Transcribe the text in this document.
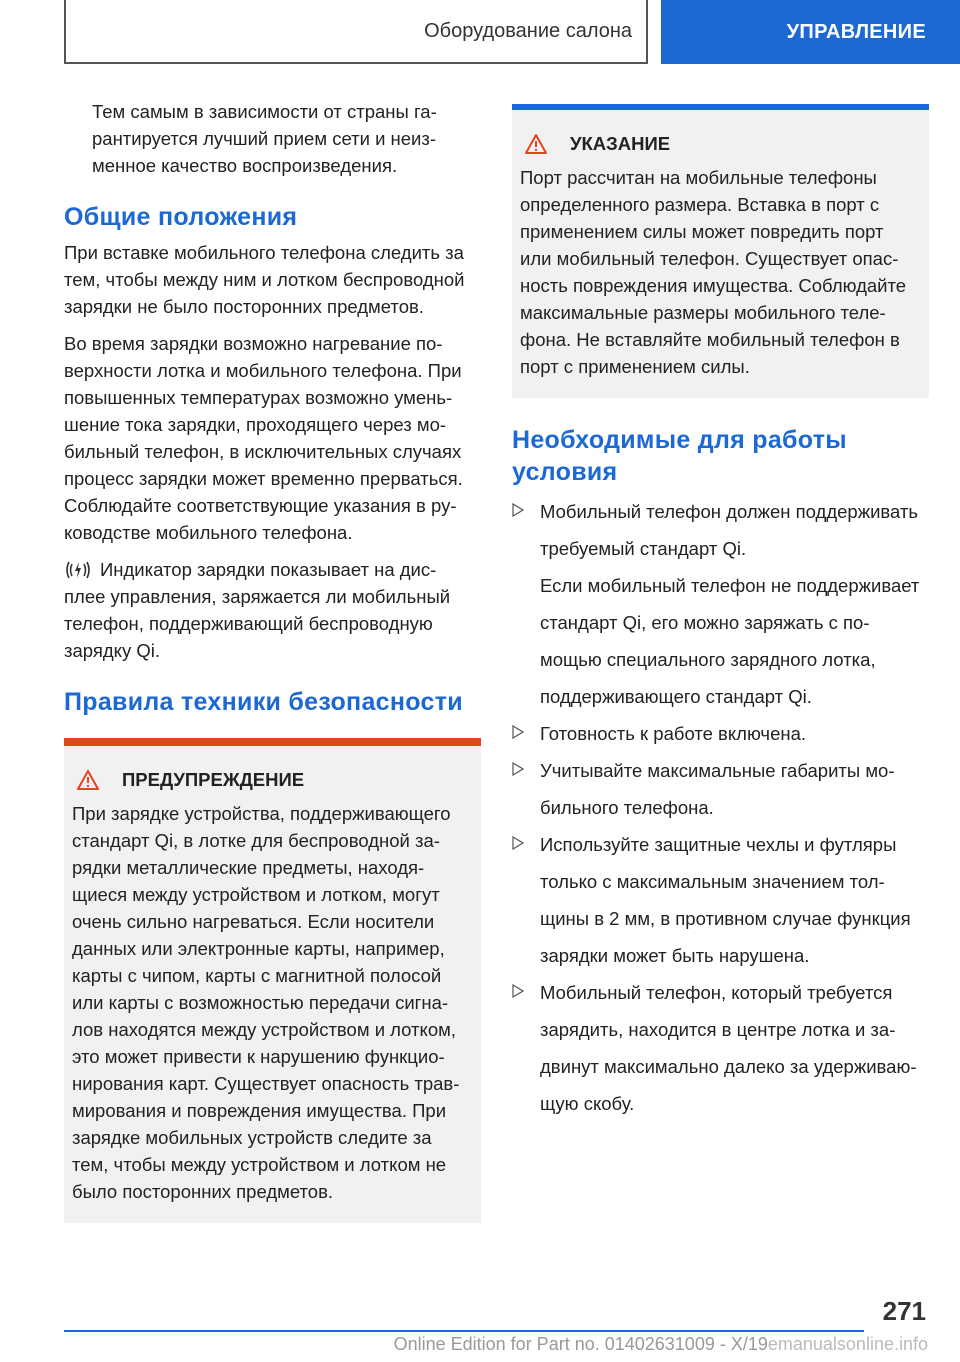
Оборудование салона	УПРАВЛЕНИЕ

Тем самым в зависимости от страны га-

рантируется лучший прием сети и неиз-

менное качество воспроизведения.

Общие положения

При вставке мобильного телефона следить за

тем, чтобы между ним и лотком беспроводной

зарядки не было посторонних предметов.

Во время зарядки возможно нагревание по-

верхности лотка и мобильного телефона. При

повышенных температурах возможно умень-

шение тока зарядки, проходящего через мо-

бильный телефон, в исключительных случаях

процесс зарядки может временно прерваться.

Соблюдайте соответствующие указания в ру-

ководстве мобильного телефона.

Индикатор зарядки показывает на дис-

плее управления, заряжается ли мобильный

телефон, поддерживающий беспроводную

зарядку Qi.

Правила техники безопасности
ПРЕДУПРЕЖДЕНИЕ

При зарядке устройства, поддерживающего

стандарт Qi, в лотке для беспроводной за-

рядки металлические предметы, находя-

щиеся между устройством и лотком, могут

очень сильно нагреваться. Если носители

данных или электронные карты, например,

карты с чипом, карты с магнитной полосой

или карты с возможностью передачи сигна-

лов находятся между устройством и лотком,

это может привести к нарушению функцио-

нирования карт. Существует опасность трав-

мирования и повреждения имущества. При

зарядке мобильных устройств следите за

тем, чтобы между устройством и лотком не

было посторонних предметов.

УКАЗАНИЕ

Порт рассчитан на мобильные телефоны

определенного размера. Вставка в порт с

применением силы может повредить порт

или мобильный телефон. Существует опас-

ность повреждения имущества. Соблюдайте

максимальные размеры мобильного теле-

фона. Не вставляйте мобильный телефон в

порт с применением силы.

Необходимые для работы
условия

Мобильный телефон должен поддерживать

требуемый стандарт Qi.

Если мобильный телефон не поддерживает

стандарт Qi, его можно заряжать с по-

мощью специального зарядного лотка,

поддерживающего стандарт Qi.

Готовность к работе включена.

Учитывайте максимальные габариты мо-

бильного телефона.

Используйте защитные чехлы и футляры

только с максимальным значением тол-

щины в 2 мм, в противном случае функция

зарядки может быть нарушена.

Мобильный телефон, который требуется

зарядить, находится в центре лотка и за-

двинут максимально далеко за удерживаю-

щую скобу.

271
Online Edition for Part no. 01402631009 - X/19emanualsonline.info
